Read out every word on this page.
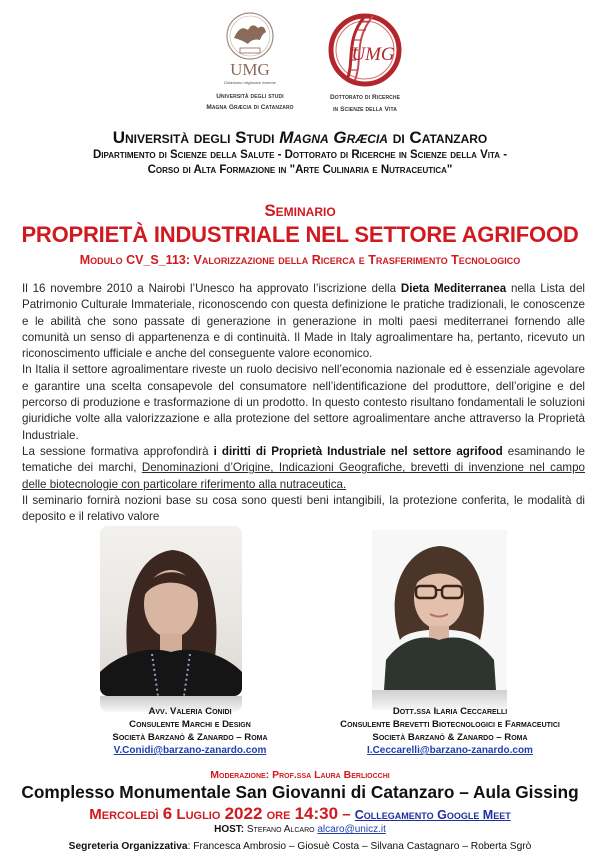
UMG
Dobbiamo migliorare insieme
Università degli studi
Magna Græcia di Catanzaro
UMG
Dottorato di Ricerche
in Scienze della Vita
Università degli Studi Magna Græcia di Catanzaro
Dipartimento di Scienze della Salute - Dottorato di Ricerche in Scienze della Vita -
Corso di Alta Formazione in "Arte Culinaria e Nutraceutica"
Seminario
PROPRIETÀ INDUSTRIALE NEL SETTORE AGRIFOOD
Modulo CV_S_113: Valorizzazione della Ricerca e Trasferimento Tecnologico

Il 16 novembre 2010 a Nairobi l’Unesco ha approvato l’iscrizione della Dieta Mediterranea nella Lista del Patrimonio Culturale Immateriale, riconoscendo con questa definizione le pratiche tradizionali, le conoscenze e le abilità che sono passate di generazione in generazione in molti paesi mediterranei fornendo alle comunità un senso di appartenenza e di continuità. Il Made in Italy agroalimentare ha, pertanto, ricevuto un riconoscimento ufficiale e anche del conseguente valore economico.

In Italia il settore agroalimentare riveste un ruolo decisivo nell’economia nazionale ed è essenziale agevolare e garantire una scelta consapevole del consumatore nell’identificazione del produttore, dell’origine e del percorso di produzione e trasformazione di un prodotto. In questo contesto risultano fondamentali le soluzioni giuridiche volte alla valorizzazione e alla protezione del settore agroalimentare anche attraverso la Proprietà Industriale.

La sessione formativa approfondirà i diritti di Proprietà Industriale nel settore agrifood esaminando le tematiche dei marchi, Denominazioni d’Origine, Indicazioni Geografiche, brevetti di invenzione nel campo delle biotecnologie con particolare riferimento alla nutraceutica.

Il seminario fornirà nozioni base su cosa sono questi beni intangibili, la protezione conferita, le modalità di deposito e il relativo valore

Avv. Valeria Conidi
Consulente Marchi e Design
Società Barzanò & Zanardo – Roma
V.Conidi@barzano-zanardo.com
Dott.ssa Ilaria Ceccarelli
Consulente Brevetti Biotecnologici e Farmaceutici
Società Barzanò & Zanardo – Roma
I.Ceccarelli@barzano-zanardo.com
Moderazione: Prof.ssa Laura Berliocchi
Complesso Monumentale San Giovanni di Catanzaro – Aula Gissing
Mercoledì 6 Luglio 2022 ore 14:30 – Collegamento Google Meet
HOST: Stefano Alcaro alcaro@unicz.it
Segreteria Organizzativa: Francesca Ambrosio – Giosuè Costa – Silvana Castagnaro – Roberta Sgrò
